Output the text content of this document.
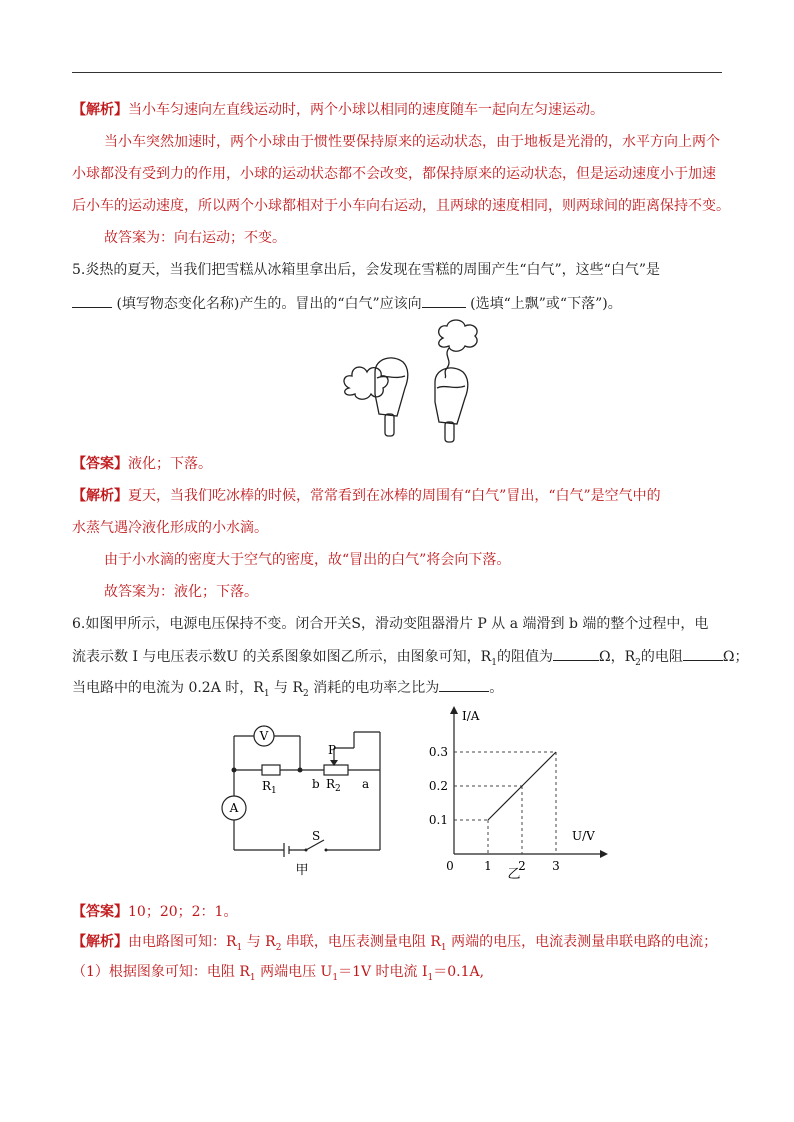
【解析】当小车匀速向左直线运动时，两个小球以相同的速度随车一起向左匀速运动。
当小车突然加速时，两个小球由于惯性要保持原来的运动状态，由于地板是光滑的，水平方向上两个
小球都没有受到力的作用，小球的运动状态都不会改变，都保持原来的运动状态，但是运动速度小于加速
后小车的运动速度，所以两个小球都相对于小车向右运动，且两球的速度相同，则两球间的距离保持不变。
故答案为：向右运动；不变。
5.炎热的夏天，当我们把雪糕从冰箱里拿出后，会发现在雪糕的周围产生“白气”，这些“白气”是
(填写物态变化名称)产生的。冒出的“白气”应该向	(选填“上飘”或“下落”)。
【答案】液化；下落。
【解析】夏天，当我们吃冰棒的时候，常常看到在冰棒的周围有“白气”冒出，“白气”是空气中的
水蒸气遇冷液化形成的小水滴。
由于小水滴的密度大于空气的密度，故“冒出的白气”将会向下落。
故答案为：液化；下落。
6.如图甲所示，电源电压保持不变。闭合开关S，滑动变阻器滑片 P 从 a 端滑到 b 端的整个过程中，电
流表示数 I 与电压表示数U 的关系图象如图乙所示，由图象可知，$R_1$的阻值为	Ω，$R_2$的电阻	Ω；
当电路中的电流为 0.2A 时，$R_1$ 与 $R_2$ 消耗的电功率之比为	。
V
A
$R_1$
P
b $R_2$ a
S
甲	0	1 2 3
0.1
0.2
0.3
I/A
U/V
乙
【答案】10；20；2：1。
【解析】由电路图可知：$R_1$ 与 $R_2$ 串联，电压表测量电阻 $R_1$ 两端的电压，电流表测量串联电路的电流；
（1）根据图象可知：电阻 $R_1$ 两端电压 $U_1=1V$ 时电流 $I_1=0.1A$,
